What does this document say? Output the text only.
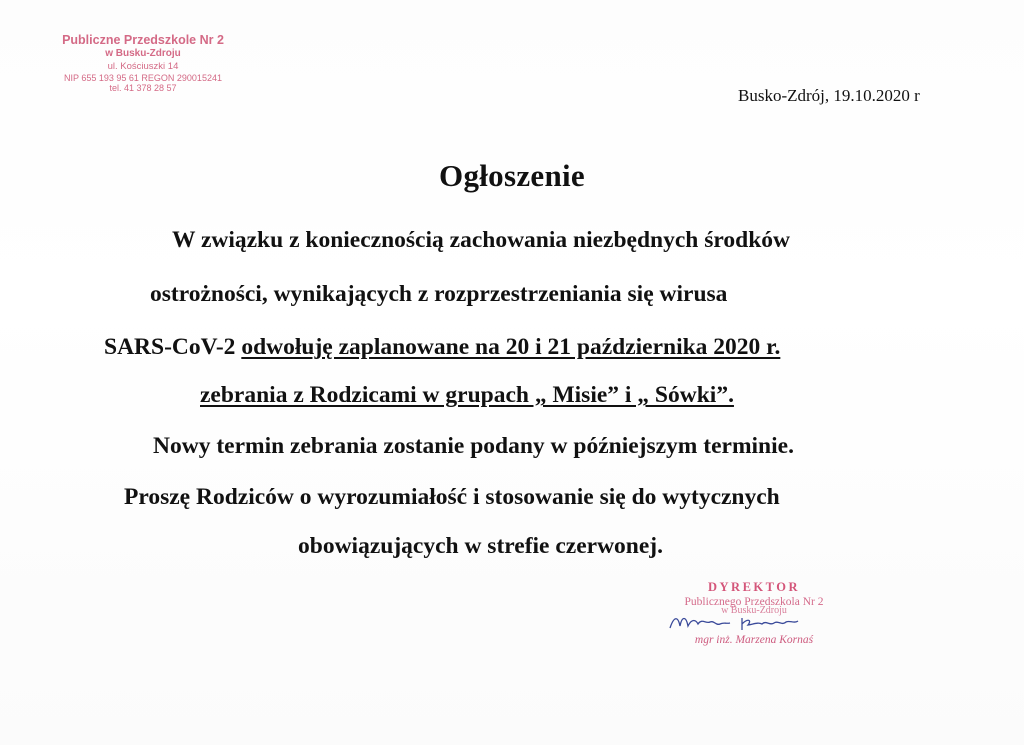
Publiczne Przedszkole Nr 2
w Busku-Zdroju
ul. Kościuszki 14
NIP 655 193 95 61 REGON 290015241
tel. 41 378 28 57	Busko-Zdrój, 19.10.2020 r
Ogłoszenie
W związku z koniecznością zachowania niezbędnych środków
ostrożności, wynikających z rozprzestrzeniania się wirusa
SARS-CoV-2 odwołuję zaplanowane na 20 i 21 października 2020 r.
zebrania z Rodzicami w grupach „ Misie” i „ Sówki”.
Nowy termin zebrania zostanie podany w późniejszym terminie.
Proszę Rodziców o wyrozumiałość i stosowanie się do wytycznych
obowiązujących w strefie czerwonej.
DYREKTOR
Publicznego Przedszkola Nr 2
w Busku-Zdroju
mgr inż. Marzena Kornaś
